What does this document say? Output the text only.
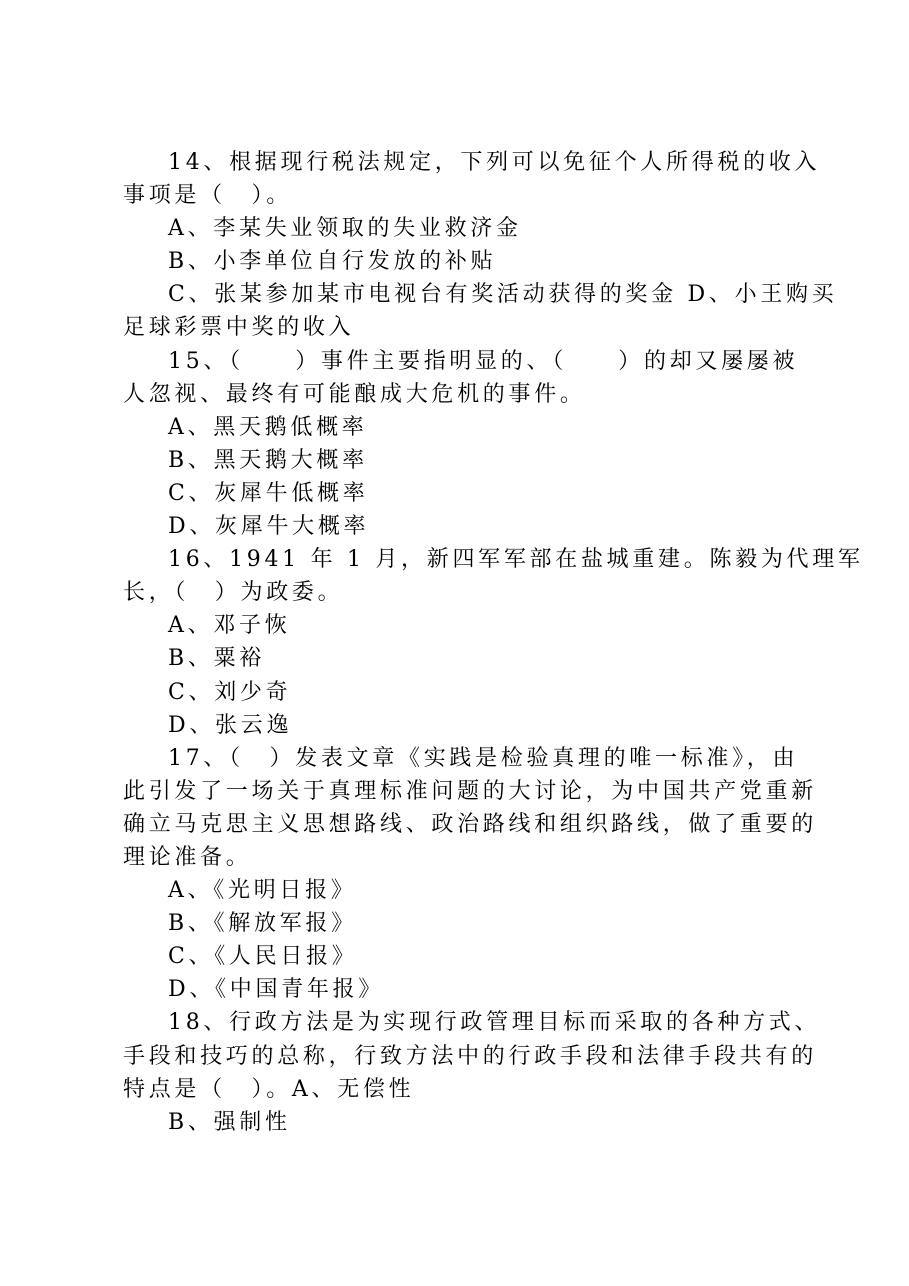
14、根据现行税法规定，下列可以免征个人所得税的收入

事项是（　）。

A、李某失业领取的失业救济金

B、小李单位自行发放的补贴

C、张某参加某市电视台有奖活动获得的奖金 D、小王购买

足球彩票中奖的收入

15、（　　）事件主要指明显的、（　　）的却又屡屡被

人忽视、最终有可能酿成大危机的事件。

A、黑天鹅低概率

B、黑天鹅大概率

C、灰犀牛低概率

D、灰犀牛大概率

16、1941 年 1 月，新四军军部在盐城重建。陈毅为代理军

长，（　）为政委。

A、邓子恢

B、粟裕

C、刘少奇

D、张云逸

17、（　）发表文章《实践是检验真理的唯一标准》，由

此引发了一场关于真理标准问题的大讨论，为中国共产党重新

确立马克思主义思想路线、政治路线和组织路线，做了重要的

理论准备。

A、《光明日报》

B、《解放军报》

C、《人民日报》

D、《中国青年报》

18、行政方法是为实现行政管理目标而采取的各种方式、

手段和技巧的总称，行致方法中的行政手段和法律手段共有的

特点是（　）。A、无偿性

B、强制性
